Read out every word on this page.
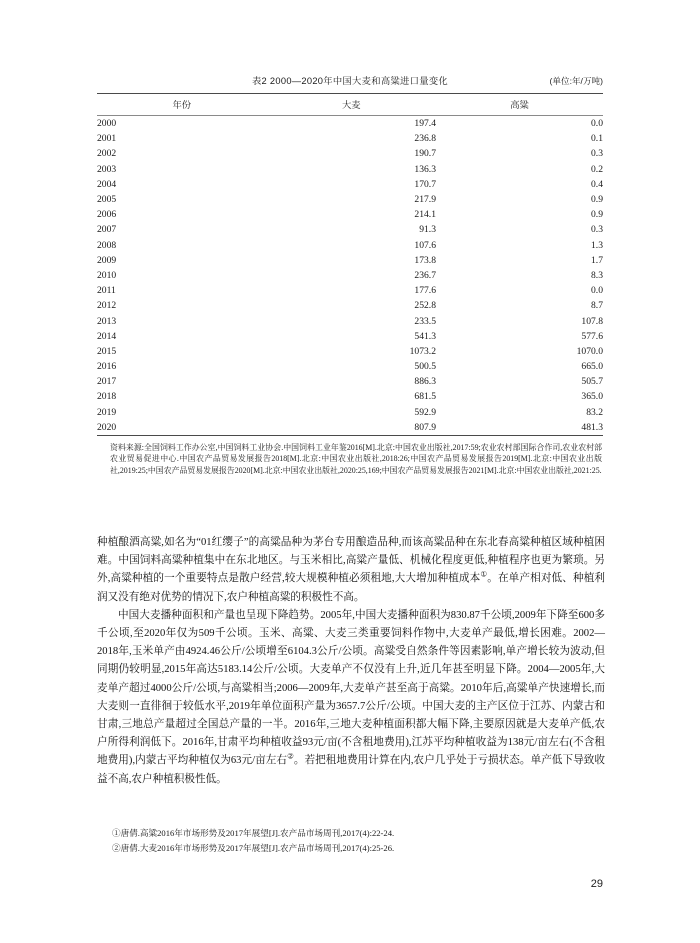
表2 2000—2020年中国大麦和高粱进口量变化	(单位:年/万吨)
年份	大麦	高粱
2000	197.4	0.0
2001	236.8	0.1
2002	190.7	0.3
2003	136.3	0.2
2004	170.7	0.4
2005	217.9	0.9
2006	214.1	0.9
2007	91.3	0.3
2008	107.6	1.3
2009	173.8	1.7
2010	236.7	8.3
2011	177.6	0.0
2012	252.8	8.7
2013	233.5	107.8
2014	541.3	577.6
2015	1073.2	1070.0
2016	500.5	665.0
2017	886.3	505.7
2018	681.5	365.0
2019	592.9	83.2
2020	807.9	481.3
资料来源:全国饲料工作办公室,中国饲料工业协会.中国饲料工业年鉴2016[M].北京:中国农业出版社,2017:59;农业农村部国际合作司,农业农村部农业贸易促进中心.中国农产品贸易发展报告2018[M].北京:中国农业出版社,2018:26;中国农产品贸易发展报告2019[M].北京:中国农业出版社,2019:25;中国农产品贸易发展报告2020[M].北京:中国农业出版社,2020:25,169;中国农产品贸易发展报告2021[M].北京:中国农业出版社,2021:25.

种植酿酒高粱,如名为“01红缨子”的高粱品种为茅台专用酿造品种,而该高粱品种在东北春高粱种植区域种植困难。中国饲料高粱种植集中在东北地区。与玉米相比,高粱产量低、机械化程度更低,种植程序也更为繁琐。另外,高粱种植的一个重要特点是散户经营,较大规模种植必须租地,大大增加种植成本①。在单产相对低、种植利润又没有绝对优势的情况下,农户种植高粱的积极性不高。

中国大麦播种面积和产量也呈现下降趋势。2005年,中国大麦播种面积为830.87千公顷,2009年下降至600多千公顷,至2020年仅为509千公顷。玉米、高粱、大麦三类重要饲料作物中,大麦单产最低,增长困难。2002—2018年,玉米单产由4924.46公斤/公顷增至6104.3公斤/公顷。高粱受自然条件等因素影响,单产增长较为波动,但同期仍较明显,2015年高达5183.14公斤/公顷。大麦单产不仅没有上升,近几年甚至明显下降。2004—2005年,大麦单产超过4000公斤/公顷,与高粱相当;2006—2009年,大麦单产甚至高于高粱。2010年后,高粱单产快速增长,而大麦则一直徘徊于较低水平,2019年单位面积产量为3657.7公斤/公顷。中国大麦的主产区位于江苏、内蒙古和甘肃,三地总产量超过全国总产量的一半。2016年,三地大麦种植面积都大幅下降,主要原因就是大麦单产低,农户所得利润低下。2016年,甘肃平均种植收益93元/亩(不含租地费用),江苏平均种植收益为138元/亩左右(不含租地费用),内蒙古平均种植仅为63元/亩左右②。若把租地费用计算在内,农户几乎处于亏损状态。单产低下导致收益不高,农户种植积极性低。

①唐倩.高粱2016年市场形势及2017年展望[J].农产品市场周刊,2017(4):22-24.
②唐倩.大麦2016年市场形势及2017年展望[J].农产品市场周刊,2017(4):25-26.
29
